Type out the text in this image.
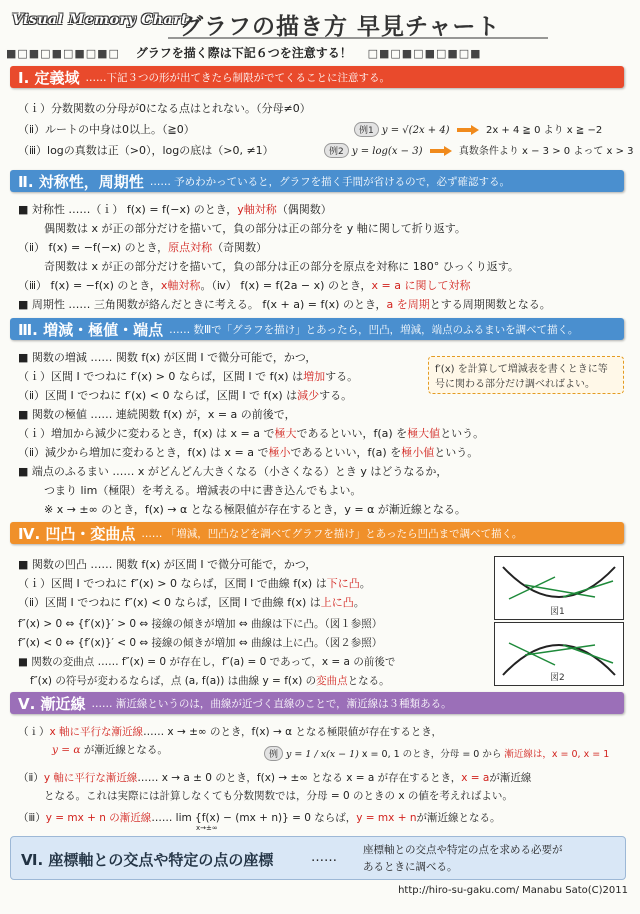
Visual Memory Chart
グラフの描き方 早見チャート
■□■□■□■□■□ グラフを描く際は下記６つを注意する！ □■□■□■□■□■
Ⅰ. 定義域 ……下記３つの形が出てきたら制限がでてくることに注意する。
（ｉ）分数関数の分母が0になる点はとれない。（分母≠0）
（ⅱ）ルートの中身は0以上。（≧0）
（ⅲ）logの真数は正（>0），logの底は（>0, ≠1）
例1 y = √(2x + 4)	2x + 4 ≧ 0 より x ≧ −2
例2 y = log(x − 3)	真数条件より x − 3 > 0 よって x > 3
Ⅱ. 対称性，周期性 …… 予めわかっていると，グラフを描く手間が省けるので，必ず確認する。
■ 対称性 ……（ｉ） f(x) = f(−x) のとき，y軸対称（偶関数）
偶関数は x が正の部分だけを描いて，負の部分は正の部分を y 軸に関して折り返す。
（ⅱ） f(x) = −f(−x) のとき，原点対称（奇関数）
奇関数は x が正の部分だけを描いて，負の部分は正の部分を原点を対称に 180° ひっくり返す。
（ⅲ） f(x) = −f(x) のとき，x軸対称。（ⅳ） f(x) = f(2a − x) のとき，x = a に関して対称
■ 周期性 …… 三角関数が絡んだときに考える。 f(x + a) = f(x) のとき，a を周期とする周期関数となる。
Ⅲ. 増減・極値・端点 …… 数Ⅲで「グラフを描け」とあったら，凹凸，増減，端点のふるまいを調べて描く。
■ 関数の増減 …… 関数 f(x) が区間 I で微分可能で，かつ，
（ｉ）区間 I でつねに f′(x) > 0 ならば，区間 I で f(x) は増加する。
（ⅱ）区間 I でつねに f′(x) < 0 ならば，区間 I で f(x) は減少する。
f′(x) を計算して増減表を書くときに等号に関わる部分だけ調べればよい。
■ 関数の極値 …… 連続関数 f(x) が，x = a の前後で，
（ｉ）増加から減少に変わるとき，f(x) は x = a で極大であるといい，f(a) を極大値という。
（ⅱ）減少から増加に変わるとき，f(x) は x = a で極小であるといい，f(a) を極小値という。
■ 端点のふるまい …… x がどんどん大きくなる（小さくなる）とき y はどうなるか，
つまり lim（極限）を考える。増減表の中に書き込んでもよい。
※ x → ±∞ のとき，f(x) → α となる極限値が存在するとき，y = α が漸近線となる。
Ⅳ. 凹凸・変曲点 …… 「増減，凹凸などを調べてグラフを描け」とあったら凹凸まで調べて描く。
■ 関数の凹凸 …… 関数 f(x) が区間 I で微分可能で，かつ，
（ｉ）区間 I でつねに f″(x) > 0 ならば，区間 I で曲線 f(x) は下に凸。
（ⅱ）区間 I でつねに f″(x) < 0 ならば，区間 I で曲線 f(x) は上に凸。
f″(x) > 0 ⇔ {f′(x)}′ > 0 ⇔ 接線の傾きが増加 ⇔ 曲線は下に凸。（図１参照）
f″(x) < 0 ⇔ {f′(x)}′ < 0 ⇔ 接線の傾きが増加 ⇔ 曲線は上に凸。（図２参照）
■ 関数の変曲点 …… f″(x) = 0 が存在し，f″(a) = 0 であって，x = a の前後で
f″(x) の符号が変わるならば，点 (a, f(a)) は曲線 y = f(x) の変曲点となる。
図1
図2
Ⅴ. 漸近線 …… 漸近線というのは，曲線が近づく直線のことで，漸近線は３種類ある。
（ｉ）x 軸に平行な漸近線…… x → ±∞ のとき，f(x) → α となる極限値が存在するとき，
y = α が漸近線となる。	例 y = 1 / x(x − 1) x = 0, 1 のとき，分母 = 0 から 漸近線は，x = 0, x = 1
（ⅱ）y 軸に平行な漸近線…… x → a ± 0 のとき，f(x) → ±∞ となる x = a が存在するとき，x = aが漸近線
となる。これは実際には計算しなくても分数関数では，分母 = 0 のときの x の値を考えればよい。
（ⅲ）y = mx + n の漸近線…… lim {f(x) − (mx + n)} = 0 ならば，y = mx + nが漸近線となる。
x→±∞
Ⅵ. 座標軸との交点や特定の点の座標	…… 座標軸との交点や特定の点を求める必要が
あるときに調べる。
http://hiro-su-gaku.com/ Manabu Sato(C)2011
